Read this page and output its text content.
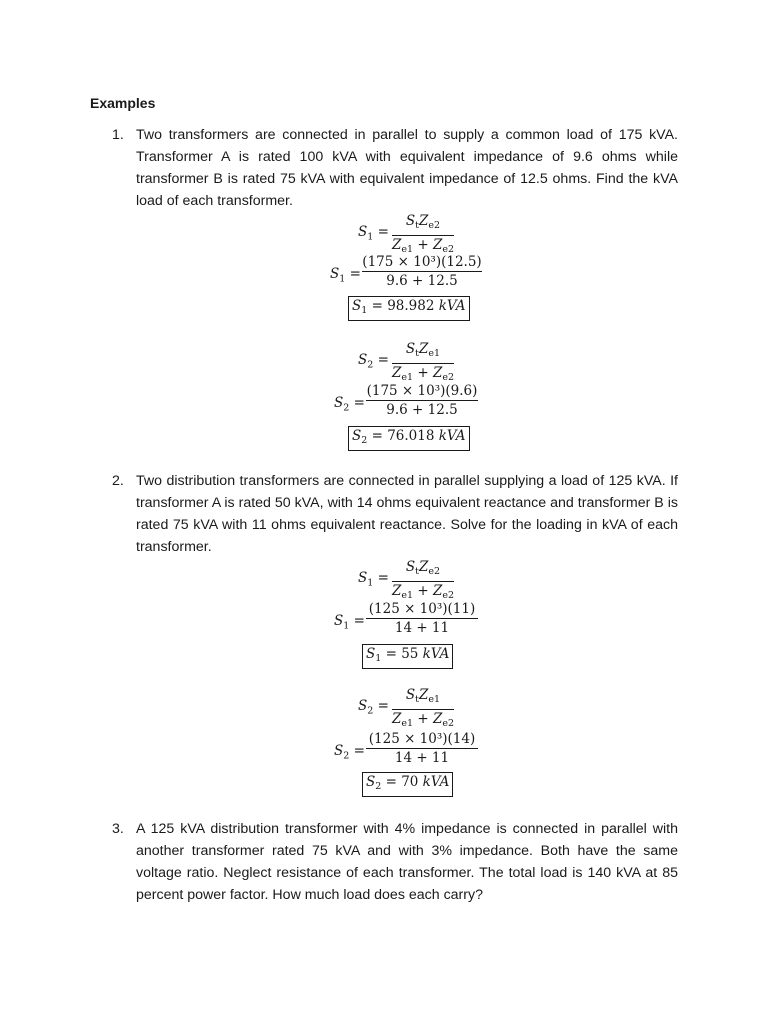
Examples
1. Two transformers are connected in parallel to supply a common load of 175 kVA. Transformer A is rated 100 kVA with equivalent impedance of 9.6 ohms while transformer B is rated 75 kVA with equivalent impedance of 12.5 ohms. Find the kVA load of each transformer.
$S_1$ =
$S_tZ_{e2}$
$Z_{e1} + Z_{e2}$
$S_1 = \frac{\text{(175 × 10³)(12.5)}}{9.6 + 12.5}$
$S_1 = 98.982$ kVA
$S_2$ =
$S_tZ_{e1}$
$Z_{e1} + Z_{e2}$
$S_2 = \frac{\text{(175 × 10³)(9.6)}}{9.6 + 12.5}$
$S_2 = 76.018$ kVA
2. Two distribution transformers are connected in parallel supplying a load of 125 kVA. If transformer A is rated 50 kVA, with 14 ohms equivalent reactance and transformer B is rated 75 kVA with 11 ohms equivalent reactance. Solve for the loading in kVA of each transformer.
$S_1$ =
$S_tZ_{e2}$
$Z_{e1} + Z_{e2}$
$S_1 = \frac{\text{(125 × 10³)(11)}}{14 + 11}$
$S_1 = 55$ kVA
$S_2$ =
$S_tZ_{e1}$
$Z_{e1} + Z_{e2}$
$S_2 = \frac{\text{(125 × 10³)(14)}}{14 + 11}$
$S_2 = 70$ kVA
3. A 125 kVA distribution transformer with 4% impedance is connected in parallel with another transformer rated 75 kVA and with 3% impedance. Both have the same voltage ratio. Neglect resistance of each transformer. The total load is 140 kVA at 85 percent power factor. How much load does each carry?
